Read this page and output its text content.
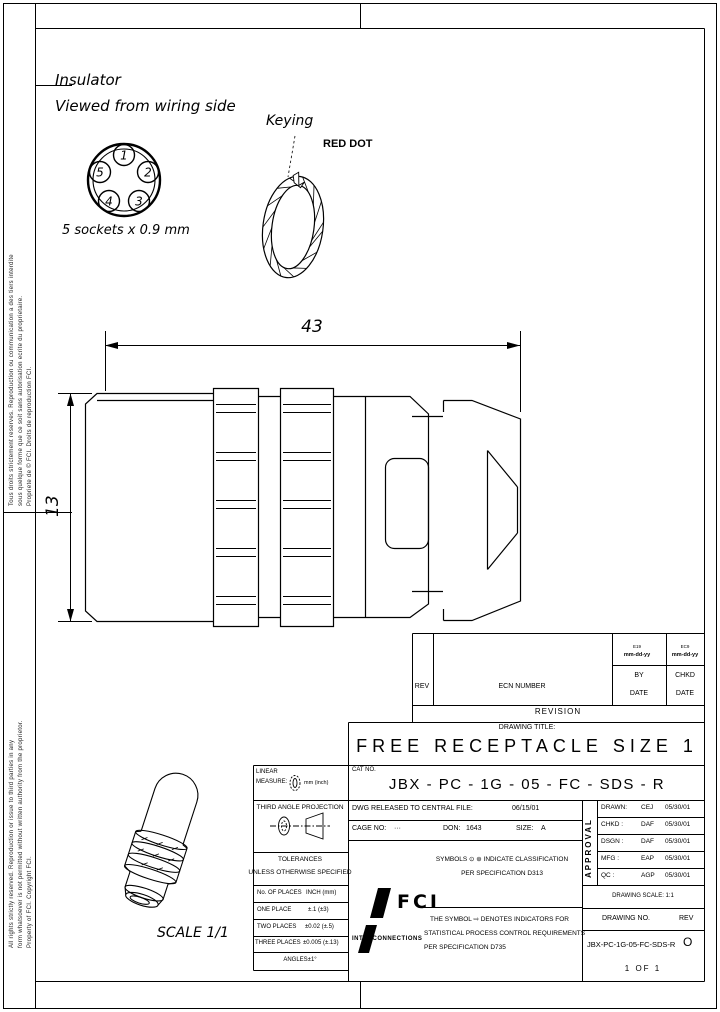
1
2
3
4
5
Tous droits strictement reserves. Reproduction ou communication a des tiers interdite sous quelque forme que ce soit sans autorisation ecrite du proprietaire. Propriete de © FCI. Droits de reproduction FCI.
All rights strictly reserved. Reproduction or issue to third parties in any form whatsoever is not permitted without written authority from the proprietor. Property of FCI. Copyright FCI.
Insulator
Viewed from wiring side
5 sockets x 0.9 mm
Keying
RED DOT
43
13
SCALE 1/1
E19	EC9
mm-dd-yy	mm-dd-yy
REV	ECN NUMBER
BY
DATE
CHKD
DATE
REVISION
DRAWING TITLE:
FREE RECEPTACLE SIZE 1
CAT NO.
JBX - PC - 1G - 05 - FC - SDS - R
LINEAR
MEASURE:	mm (inch)
THIRD ANGLE PROJECTION
TOLERANCES
UNLESS OTHERWISE SPECIFIED
No. OF PLACES INCH (mm)
ONE PLACE	±.1 (±3)
TWO PLACES ±0.02 (±.5)
THREE PLACES ±0.005 (±.13)
ANGLES±1°
DWG RELEASED TO CENTRAL FILE:	06/15/01
CAGE NO: ···	DON: 1643	SIZE: A
FCI
INTERCONNECTIONS
SYMBOLS ⊙ ⊛ INDICATE CLASSIFICATION
PER SPECIFICATION D313
THE SYMBOL ⇨ DENOTES INDICATORS FOR
STATISTICAL PROCESS CONTROL REQUIREMENTS
PER SPECIFICATION D735
APPROVAL
DRAWN: CEJ 05/30/01
CHKD :	DAF 05/30/01
DSGN :	DAF 05/30/01
MFG :	EAP 05/30/01
QC :	AGP 05/30/01
DRAWING SCALE: 1:1
DRAWING NO.	REV
JBX-PC-1G-05-FC-SDS-R O
1 OF 1
